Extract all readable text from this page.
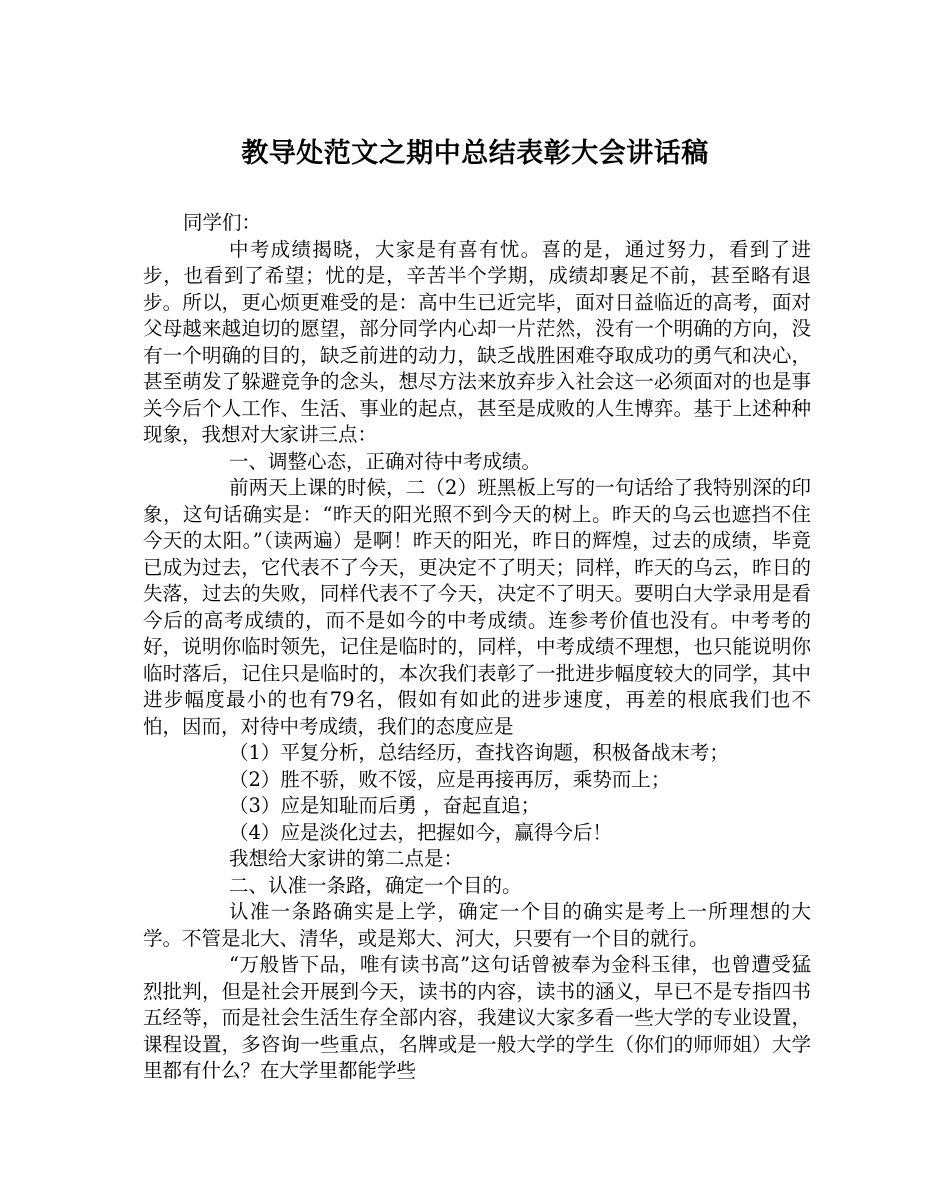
教导处范文之期中总结表彰大会讲话稿

同学们：

中考成绩揭晓，大家是有喜有忧。喜的是，通过努力，看到了进步，也看到了希望；忧的是，辛苦半个学期，成绩却裹足不前，甚至略有退步。所以，更心烦更难受的是：高中生已近完毕，面对日益临近的高考，面对父母越来越迫切的愿望，部分同学内心却一片茫然，没有一个明确的方向，没有一个明确的目的，缺乏前进的动力，缺乏战胜困难夺取成功的勇气和决心，甚至萌发了躲避竞争的念头，想尽方法来放弃步入社会这一必须面对的也是事关今后个人工作、生活、事业的起点，甚至是成败的人生博弈。基于上述种种现象，我想对大家讲三点：

一、调整心态，正确对待中考成绩。

前两天上课的时候，二（2）班黑板上写的一句话给了我特别深的印象，这句话确实是：“昨天的阳光照不到今天的树上。昨天的乌云也遮挡不住今天的太阳。”（读两遍）是啊！昨天的阳光，昨日的辉煌，过去的成绩，毕竟已成为过去，它代表不了今天，更决定不了明天；同样，昨天的乌云，昨日的失落，过去的失败，同样代表不了今天，决定不了明天。要明白大学录用是看今后的高考成绩的，而不是如今的中考成绩。连参考价值也没有。中考考的好，说明你临时领先，记住是临时的，同样，中考成绩不理想，也只能说明你临时落后，记住只是临时的，本次我们表彰了一批进步幅度较大的同学，其中进步幅度最小的也有79名，假如有如此的进步速度，再差的根底我们也不怕，因而，对待中考成绩，我们的态度应是

（1）平复分析，总结经历，查找咨询题，积极备战末考；

（2）胜不骄，败不馁，应是再接再厉，乘势而上；

（3）应是知耻而后勇 ，奋起直追；

（4）应是淡化过去，把握如今，赢得今后！

我想给大家讲的第二点是：

二、认准一条路，确定一个目的。

认准一条路确实是上学，确定一个目的确实是考上一所理想的大学。不管是北大、清华，或是郑大、河大，只要有一个目的就行。

“万般皆下品，唯有读书高”这句话曾被奉为金科玉律，也曾遭受猛烈批判，但是社会开展到今天，读书的内容，读书的涵义，早已不是专指四书五经等，而是社会生活生存全部内容，我建议大家多看一些大学的专业设置，课程设置，多咨询一些重点，名牌或是一般大学的学生（你们的师师姐）大学里都有什么？在大学里都能学些
